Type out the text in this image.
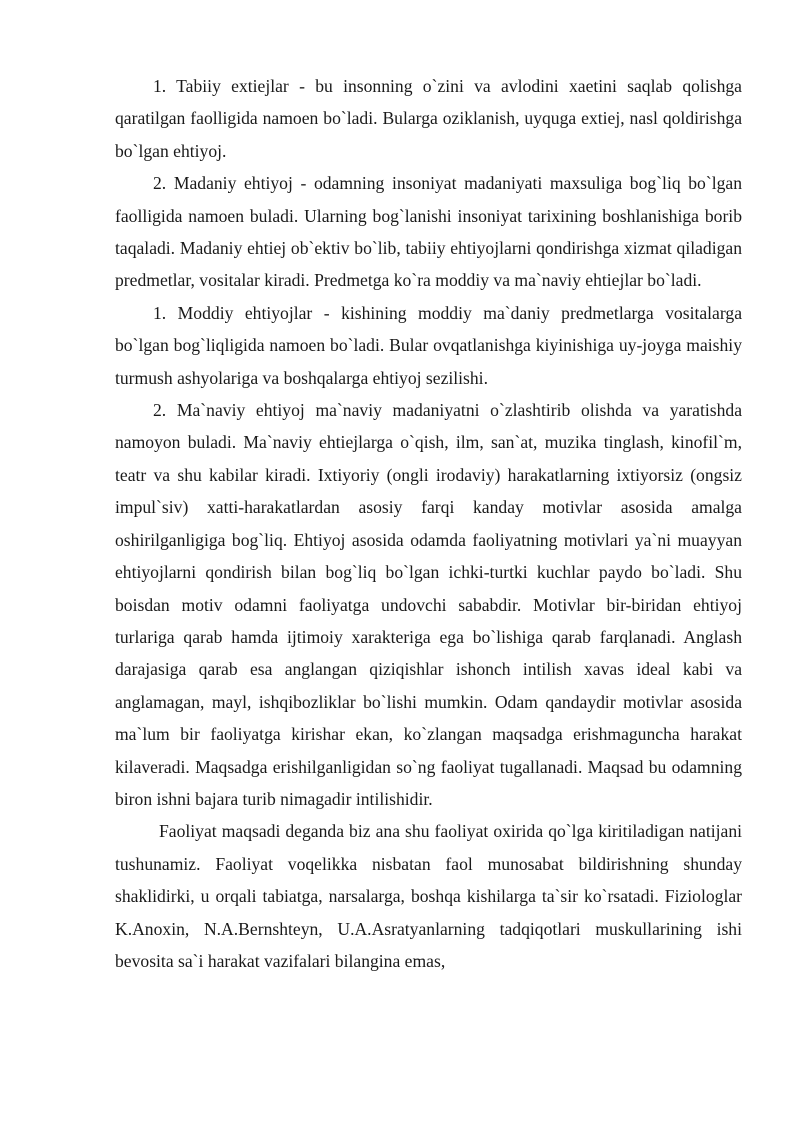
1. Tabiiy extiejlar - bu insonning o`zini va avlodini xaetini saqlab qolishga qaratilgan faolligida namoen bo`ladi. Bularga oziklanish, uyquga extiej, nasl qoldirishga bo`lgan ehtiyoj.

2. Madaniy ehtiyoj - odamning insoniyat madaniyati maxsuliga bog`liq bo`lgan faolligida namoen buladi. Ularning bog`lanishi insoniyat tarixining boshlanishiga borib taqaladi. Madaniy ehtiej ob`ektiv bo`lib, tabiiy ehtiyojlarni qondirishga xizmat qiladigan predmetlar, vositalar kiradi. Predmetga ko`ra moddiy va ma`naviy ehtiejlar bo`ladi.

1. Moddiy ehtiyojlar - kishining moddiy ma`daniy predmetlarga vositalarga bo`lgan bog`liqligida namoen bo`ladi. Bular ovqatlanishga kiyinishiga uy-joyga maishiy turmush ashyolariga va boshqalarga ehtiyoj sezilishi.

2. Ma`naviy ehtiyoj ma`naviy madaniyatni o`zlashtirib olishda va yaratishda namoyon buladi. Ma`naviy ehtiejlarga o`qish, ilm, san`at, muzika tinglash, kinofil`m, teatr va shu kabilar kiradi. Ixtiyoriy (ongli irodaviy) harakatlarning ixtiyorsiz (ongsiz impul`siv) xatti-harakatlardan asosiy farqi kanday motivlar asosida amalga oshirilganligiga bog`liq. Ehtiyoj asosida odamda faoliyatning motivlari ya`ni muayyan ehtiyojlarni qondirish bilan bog`liq bo`lgan ichki-turtki kuchlar paydo bo`ladi. Shu boisdan motiv odamni faoliyatga undovchi sababdir. Motivlar bir-biridan ehtiyoj turlariga qarab hamda ijtimoiy xarakteriga ega bo`lishiga qarab farqlanadi. Anglash darajasiga qarab esa anglangan qiziqishlar ishonch intilish xavas ideal kabi va anglamagan, mayl, ishqibozliklar bo`lishi mumkin. Odam qandaydir motivlar asosida ma`lum bir faoliyatga kirishar ekan, ko`zlangan maqsadga erishmaguncha harakat kilaveradi. Maqsadga erishilganligidan so`ng faoliyat tugallanadi. Maqsad bu odamning biron ishni bajara turib nimagadir intilishidir.

Faoliyat maqsadi deganda biz ana shu faoliyat oxirida qo`lga kiritiladigan natijani tushunamiz. Faoliyat voqelikka nisbatan faol munosabat bildirishning shunday shaklidirki, u orqali tabiatga, narsalarga, boshqa kishilarga ta`sir ko`rsatadi. Fiziologlar K.Anoxin, N.A.Bernshteyn, U.A.Asratyanlarning tadqiqotlari muskullarining ishi bevosita sa`i harakat vazifalari bilangina emas,
